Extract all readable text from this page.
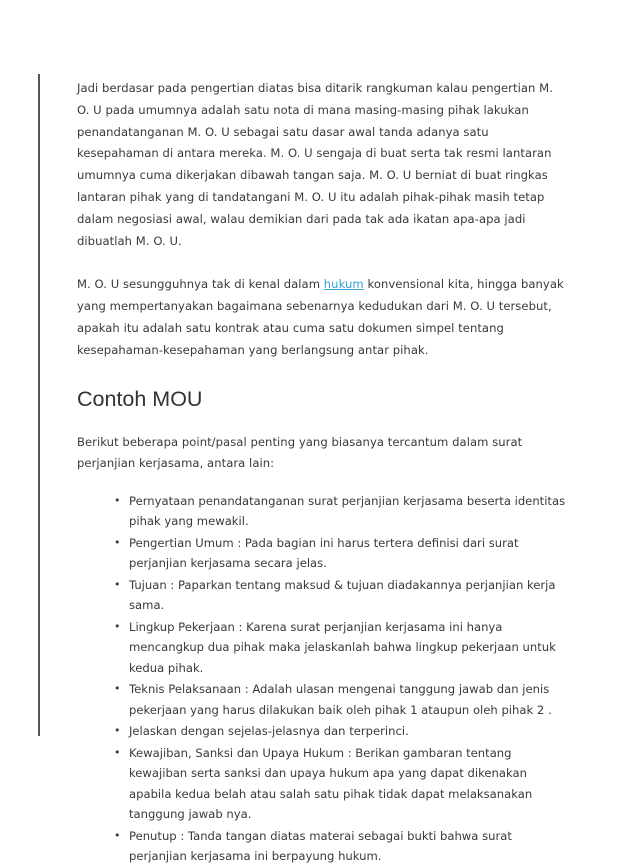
Jadi berdasar pada pengertian diatas bisa ditarik rangkuman kalau pengertian M. O. U pada umumnya adalah satu nota di mana masing-masing pihak lakukan penandatanganan M. O. U sebagai satu dasar awal tanda adanya satu kesepahaman di antara mereka. M. O. U sengaja di buat serta tak resmi lantaran umumnya cuma dikerjakan dibawah tangan saja. M. O. U berniat di buat ringkas lantaran pihak yang di tandatangani M. O. U itu adalah pihak-pihak masih tetap dalam negosiasi awal, walau demikian dari pada tak ada ikatan apa-apa jadi dibuatlah M. O. U.

M. O. U sesungguhnya tak di kenal dalam hukum konvensional kita, hingga banyak yang mempertanyakan bagaimana sebenarnya kedudukan dari M. O. U tersebut, apakah itu adalah satu kontrak atau cuma satu dokumen simpel tentang kesepahaman-kesepahaman yang berlangsung antar pihak.

Contoh MOU

Berikut beberapa point/pasal penting yang biasanya tercantum dalam surat perjanjian kerjasama, antara lain:

• Pernyataan penandatanganan surat perjanjian kerjasama beserta identitas pihak yang mewakil.
• Pengertian Umum : Pada bagian ini harus tertera definisi dari surat perjanjian kerjasama secara jelas.
• Tujuan : Paparkan tentang maksud & tujuan diadakannya perjanjian kerja sama.
• Lingkup Pekerjaan : Karena surat perjanjian kerjasama ini hanya mencangkup dua pihak maka jelaskanlah bahwa lingkup pekerjaan untuk kedua pihak.
• Teknis Pelaksanaan : Adalah ulasan mengenai tanggung jawab dan jenis pekerjaan yang harus dilakukan baik oleh pihak 1 ataupun oleh pihak 2 .
• Jelaskan dengan sejelas-jelasnya dan terperinci.
• Kewajiban, Sanksi dan Upaya Hukum : Berikan gambaran tentang kewajiban serta sanksi dan upaya hukum apa yang dapat dikenakan apabila kedua belah atau salah satu pihak tidak dapat melaksanakan tanggung jawab nya.
• Penutup : Tanda tangan diatas materai sebagai bukti bahwa surat perjanjian kerjasama ini berpayung hukum.
